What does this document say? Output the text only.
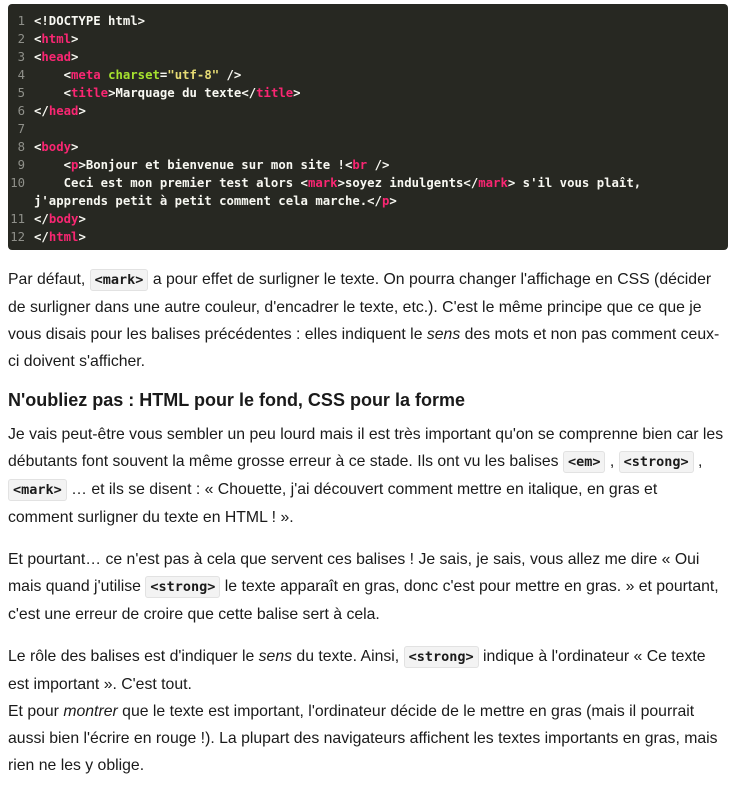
1 <!DOCTYPE html>
2 <html>
3 <head>
4 <meta charset="utf-8" />
5 <title>Marquage du texte</title>
6 </head>
7
8 <body>
9 <p>Bonjour et bienvenue sur mon site !<br />
10 Ceci est mon premier test alors <mark>soyez indulgents</mark> s'il vous plaît, j'apprends petit à petit comment cela marche.</p>
11 </body>
12 </html>

Par défaut, <mark> a pour effet de surligner le texte. On pourra changer l'affichage en CSS (décider de surligner dans une autre couleur, d'encadrer le texte, etc.). C'est le même principe que ce que je vous disais pour les balises précédentes : elles indiquent le sens des mots et non pas comment ceux-ci doivent s'afficher.

N'oubliez pas : HTML pour le fond, CSS pour la forme

Je vais peut-être vous sembler un peu lourd mais il est très important qu'on se comprenne bien car les débutants font souvent la même grosse erreur à ce stade. Ils ont vu les balises <em> , <strong> , <mark> … et ils se disent : « Chouette, j'ai découvert comment mettre en italique, en gras et comment surligner du texte en HTML ! ».

Et pourtant… ce n'est pas à cela que servent ces balises ! Je sais, je sais, vous allez me dire « Oui mais quand j'utilise <strong> le texte apparaît en gras, donc c'est pour mettre en gras. » et pourtant, c'est une erreur de croire que cette balise sert à cela.

Le rôle des balises est d'indiquer le sens du texte. Ainsi, <strong> indique à l'ordinateur « Ce texte est important ». C'est tout.
Et pour montrer que le texte est important, l'ordinateur décide de le mettre en gras (mais il pourrait aussi bien l'écrire en rouge !). La plupart des navigateurs affichent les textes importants en gras, mais rien ne les y oblige.
